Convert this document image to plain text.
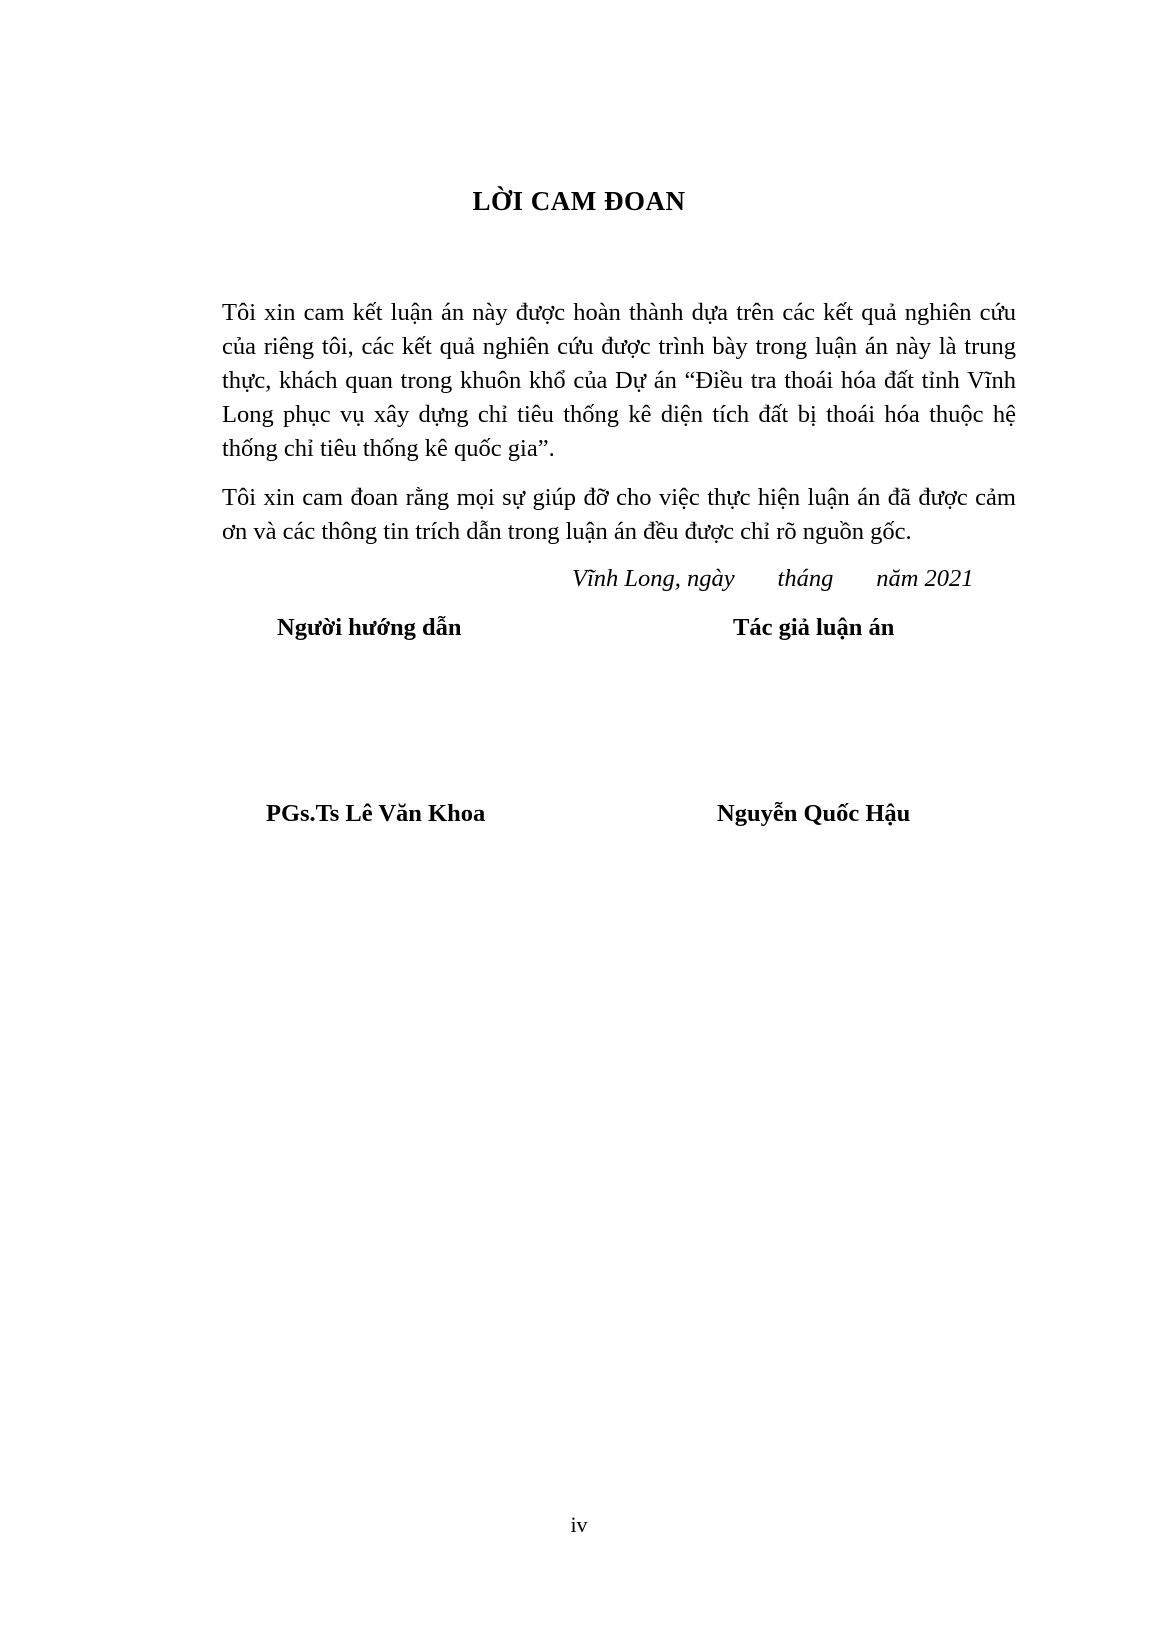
LỜI CAM ĐOAN

Tôi xin cam kết luận án này được hoàn thành dựa trên các kết quả nghiên cứu của riêng tôi, các kết quả nghiên cứu được trình bày trong luận án này là trung thực, khách quan trong khuôn khổ của Dự án “Điều tra thoái hóa đất tỉnh Vĩnh Long phục vụ xây dựng chỉ tiêu thống kê diện tích đất bị thoái hóa thuộc hệ thống chỉ tiêu thống kê quốc gia”.

Tôi xin cam đoan rằng mọi sự giúp đỡ cho việc thực hiện luận án đã được cảm ơn và các thông tin trích dẫn trong luận án đều được chỉ rõ nguồn gốc.

Vĩnh Long, ngày       tháng       năm 2021

Người hướng dẫn	Tác giả luận án

PGs.Ts Lê Văn Khoa	Nguyễn Quốc Hậu

iv
